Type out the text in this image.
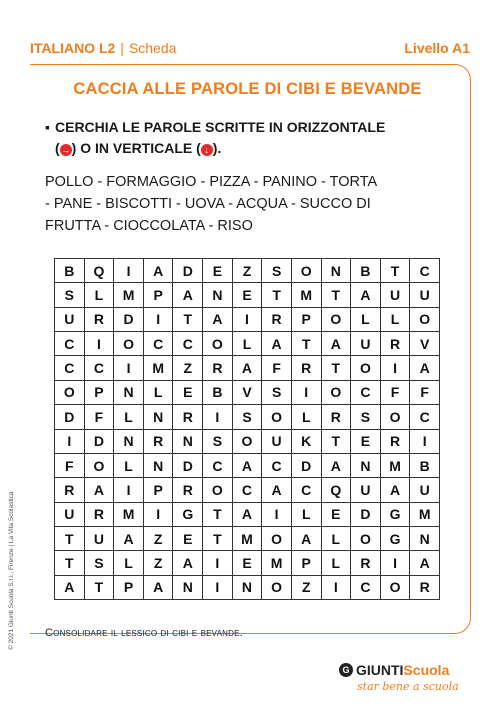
ITALIANO L2 | Scheda	Livello A1
CACCIA ALLE PAROLE DI CIBI E BEVANDE
▪ CERCHIA LE PAROLE SCRITTE IN ORIZZONTALE
( → ) O IN VERTICALE ( ↓ ).
POLLO - FORMAGGIO - PIZZA - PANINO - TORTA
- PANE - BISCOTTI - UOVA - ACQUA - SUCCO DI
FRUTTA - CIOCCOLATA - RISO
B	Q	I	A	D	E	Z	S	O	N	B	T	C
S	L	M	P	A	N	E	T	M	T	A	U	U
U	R	D	I	T	A	I	R	P	O	L	L	O
C	I	O	C	C	O	L	A	T	A	U	R	V
C	C	I	M	Z	R	A	F	R	T	O	I	A
O	P	N	L	E	B	V	S	I	O	C	F	F
D	F	L	N	R	I	S	O	L	R	S	O	C
I	D	N	R	N	S	O	U	K	T	E	R	I
F	O	L	N	D	C	A	C	D	A	N	M	B
R	A	I	P	R	O	C	A	C	Q	U	A	U
U	R	M	I	G	T	A	I	L	E	D	G	M
T	U	A	Z	E	T	M	O	A	L	O	G	N
T	S	L	Z	A	I	E	M	P	L	R	I	A
A	T	P	A	N	I	N	O	Z	I	C	O	R
Consolidare il lessico di cibi e bevande.
© 2021 Giunti Scuola S.r.l., Firenze | La Vita Scolastica
G GIUNTI Scuola
star bene a scuola
